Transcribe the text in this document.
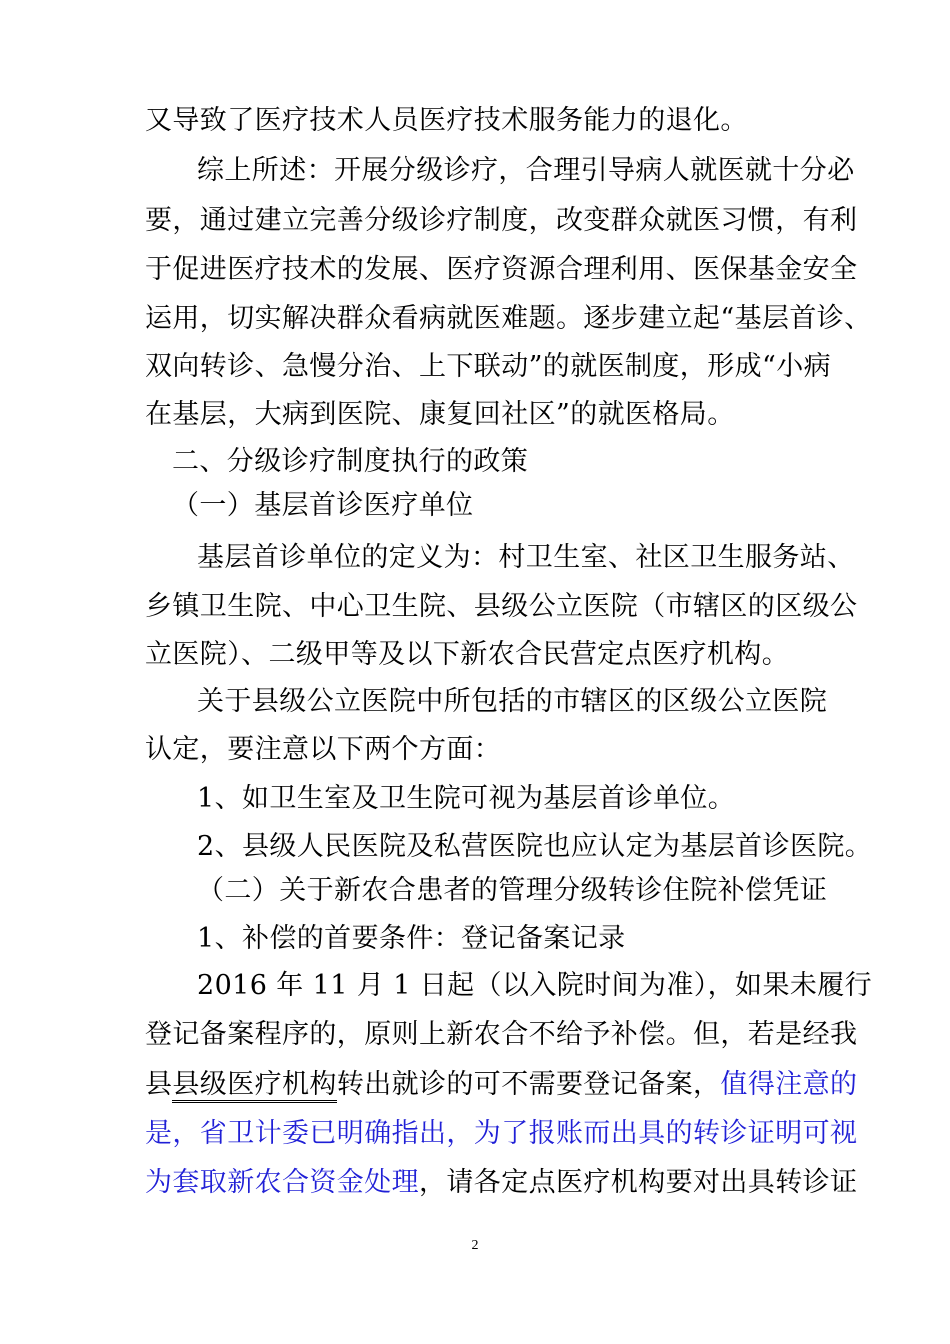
又导致了医疗技术人员医疗技术服务能力的退化。
综上所述：开展分级诊疗，合理引导病人就医就十分必
要，通过建立完善分级诊疗制度，改变群众就医习惯，有利
于促进医疗技术的发展、医疗资源合理利用、医保基金安全
运用，切实解决群众看病就医难题。逐步建立起“基层首诊、
双向转诊、急慢分治、上下联动”的就医制度，形成“小病
在基层，大病到医院、康复回社区”的就医格局。
二、分级诊疗制度执行的政策
（一）基层首诊医疗单位
基层首诊单位的定义为：村卫生室、社区卫生服务站、
乡镇卫生院、中心卫生院、县级公立医院（市辖区的区级公
立医院）、二级甲等及以下新农合民营定点医疗机构。
关于县级公立医院中所包括的市辖区的区级公立医院
认定，要注意以下两个方面：
1、如卫生室及卫生院可视为基层首诊单位。
2、县级人民医院及私营医院也应认定为基层首诊医院。
（二）关于新农合患者的管理分级转诊住院补偿凭证
1、补偿的首要条件：登记备案记录
2016 年 11 月 1 日起（以入院时间为准），如果未履行
登记备案程序的，原则上新农合不给予补偿。但，若是经我
县县级医疗机构转出就诊的可不需要登记备案，值得注意的
是，省卫计委已明确指出，为了报账而出具的转诊证明可视
为套取新农合资金处理，请各定点医疗机构要对出具转诊证
2
